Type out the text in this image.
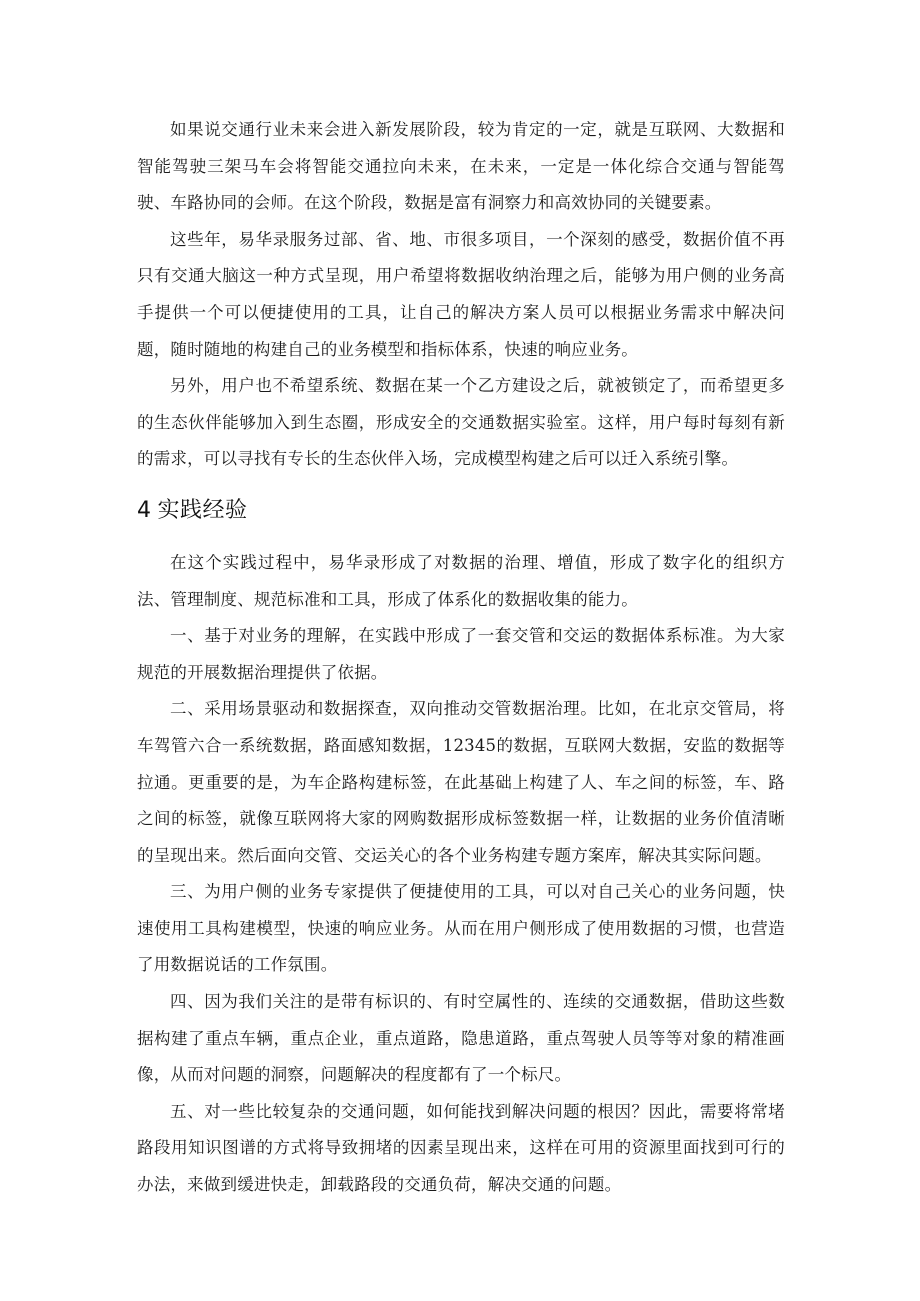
如果说交通行业未来会进入新发展阶段，较为肯定的一定，就是互联网、大数据和智能驾驶三架马车会将智能交通拉向未来，在未来，一定是一体化综合交通与智能驾驶、车路协同的会师。在这个阶段，数据是富有洞察力和高效协同的关键要素。

这些年，易华录服务过部、省、地、市很多项目，一个深刻的感受，数据价值不再只有交通大脑这一种方式呈现，用户希望将数据收纳治理之后，能够为用户侧的业务高手提供一个可以便捷使用的工具，让自己的解决方案人员可以根据业务需求中解决问题，随时随地的构建自己的业务模型和指标体系，快速的响应业务。

另外，用户也不希望系统、数据在某一个乙方建设之后，就被锁定了，而希望更多的生态伙伴能够加入到生态圈，形成安全的交通数据实验室。这样，用户每时每刻有新的需求，可以寻找有专长的生态伙伴入场，完成模型构建之后可以迁入系统引擎。

4 实践经验

在这个实践过程中，易华录形成了对数据的治理、增值，形成了数字化的组织方法、管理制度、规范标准和工具，形成了体系化的数据收集的能力。

一、基于对业务的理解，在实践中形成了一套交管和交运的数据体系标准。为大家规范的开展数据治理提供了依据。

二、采用场景驱动和数据探查，双向推动交管数据治理。比如，在北京交管局，将车驾管六合一系统数据，路面感知数据，12345的数据，互联网大数据，安监的数据等拉通。更重要的是，为车企路构建标签，在此基础上构建了人、车之间的标签，车、路之间的标签，就像互联网将大家的网购数据形成标签数据一样，让数据的业务价值清晰的呈现出来。然后面向交管、交运关心的各个业务构建专题方案库，解决其实际问题。

三、为用户侧的业务专家提供了便捷使用的工具，可以对自己关心的业务问题，快速使用工具构建模型，快速的响应业务。从而在用户侧形成了使用数据的习惯，也营造了用数据说话的工作氛围。

四、因为我们关注的是带有标识的、有时空属性的、连续的交通数据，借助这些数据构建了重点车辆，重点企业，重点道路，隐患道路，重点驾驶人员等等对象的精准画像，从而对问题的洞察，问题解决的程度都有了一个标尺。

五、对一些比较复杂的交通问题，如何能找到解决问题的根因？因此，需要将常堵路段用知识图谱的方式将导致拥堵的因素呈现出来，这样在可用的资源里面找到可行的办法，来做到缓进快走，卸载路段的交通负荷，解决交通的问题。
